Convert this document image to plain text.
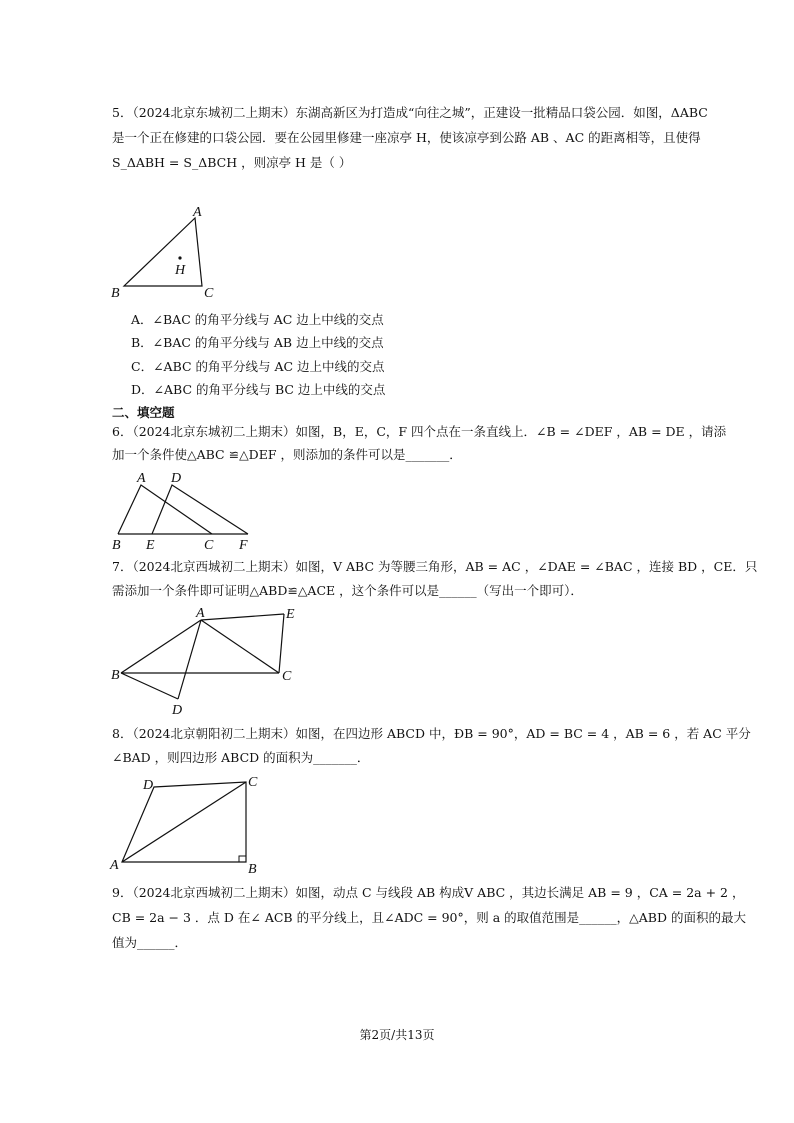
5．（2024北京东城初二上期末）东湖高新区为打造成“向往之城”，正建设一批精品口袋公园．如图，ΔABC
是一个正在修建的口袋公园．要在公园里修建一座凉亭 H，使该凉亭到公路 AB 、AC 的距离相等，且使得
S_ΔABH = S_ΔBCH ，则凉亭 H 是（ ）
A
B	C
H
A．∠BAC 的角平分线与 AC 边上中线的交点
B．∠BAC 的角平分线与 AB 边上中线的交点
C．∠ABC 的角平分线与 AC 边上中线的交点
D．∠ABC 的角平分线与 BC 边上中线的交点
二、填空题
6．（2024北京东城初二上期末）如图，B，E，C，F 四个点在一条直线上．∠B = ∠DEF ，AB = DE ，请添
加一个条件使△ABC ≌△DEF ，则添加的条件可以是_______．
A D
B E	C F
7．（2024北京西城初二上期末）如图，V ABC 为等腰三角形，AB = AC ，∠DAE = ∠BAC ，连接 BD ，CE．只
需添加一个条件即可证明△ABD≌△ACE ，这个条件可以是______（写出一个即可）．
A	E
B	C
D
8．（2024北京朝阳初二上期末）如图，在四边形 ABCD 中，ÐB = 90°，AD = BC = 4 ，AB = 6 ，若 AC 平分
∠BAD ，则四边形 ABCD 的面积为_______．
D	C
A	B
9．（2024北京西城初二上期末）如图，动点 C 与线段 AB 构成V ABC ，其边长满足 AB = 9 ，CA = 2a + 2 ，
CB = 2a − 3 ．点 D 在∠ ACB 的平分线上，且∠ADC = 90°，则 a 的取值范围是______，△ABD 的面积的最大
值为______．
第2页/共13页
